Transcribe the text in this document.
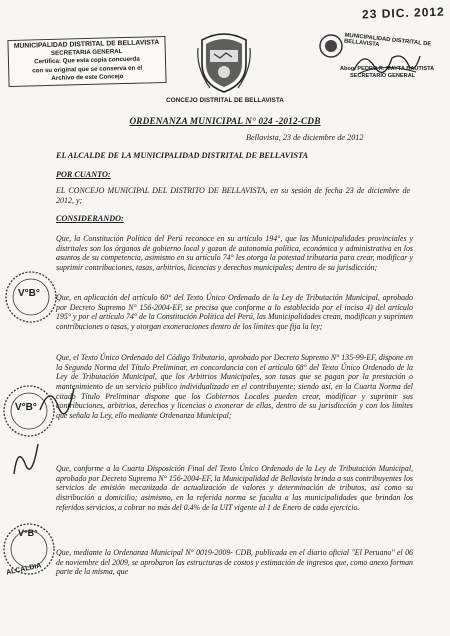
23 DIC. 2012
MUNICIPALIDAD DISTRITAL DE BELLAVISTA
SECRETARIA GENERAL
Certifica: Que esta copia concuerda
con su original que se conserva en el
Archivo de este Concejo
CONCEJO DISTRITAL DE BELLAVISTA
MUNICIPALIDAD DISTRITAL DE BELLAVISTA
Abog. PEDRO R. MAYTA BAUTISTA
SECRETARIO GENERAL
ORDENANZA MUNICIPAL N° 024 -2012-CDB
Bellavista, 23 de diciembre de 2012
EL ALCALDE DE LA MUNICIPALIDAD DISTRITAL DE BELLAVISTA
POR CUANTO:
EL CONCEJO MUNICIPAL DEL DISTRITO DE BELLAVISTA, en su sesión de fecha 23 de diciembre de 2012, y;
CONSIDERANDO:
Que, la Constitución Política del Perú reconoce en su artículo 194°, que las Municipalidades provinciales y distritales son los órganos de gobierno local y gozan de autonomía política, económica y administrativa en los asuntos de su competencia, asimismo en su artículo 74° les otorga la potestad tributaria para crear, modificar y suprimir contribuciones, tasas, arbitrios, licencias y derechos municipales; dentro de su jurisdicción;
Que, en aplicación del artículo 60° del Texto Único Ordenado de la Ley de Tributación Municipal, aprobado por Decreto Supremo N° 156-2004-EF, se precisa que conforme a lo establecido por el inciso 4) del artículo 195° y por el artículo 74° de la Constitución Política del Perú, las Municipalidades crean, modifican y suprimen contribuciones o tasas, y otorgan exoneraciones dentro de los límites que fija la ley;
Que, el Texto Único Ordenado del Código Tributario, aprobado por Decreto Supremo N° 135-99-EF, dispone en la Segunda Norma del Título Preliminar, en concordancia con el artículo 68° del Texto Único Ordenado de la Ley de Tributación Municipal, que los Arbitrios Municipales, son tasas que se pagan por la prestación o mantenimiento de un servicio público individualizado en el contribuyente; siendo así, en la Cuarta Norma del citado Título Preliminar dispone que los Gobiernos Locales pueden crear, modificar y suprimir sus contribuciones, arbitrios, derechos y licencias o exonerar de ellas, dentro de su jurisdicción y con los límites que señala la Ley, ello mediante Ordenanza Municipal;
Que, conforme a la Cuarta Disposición Final del Texto Único Ordenado de la Ley de Tributación Municipal, aprobado por Decreto Supremo N° 156-2004-EF, la Municipalidad de Bellavista brinda a sus contribuyentes los servicios de emisión mecanizada de actualización de valores y determinación de tributos, así como su distribución a domicilio; asimismo, en la referida norma se faculta a las municipalidades que brindan los referidos servicios, a cobrar no más del 0.4% de la UIT vigente al 1 de Enero de cada ejercicio.
Que, mediante la Ordenanza Municipal N° 0019-2009- CDB, publicada en el diario oficial "El Peruano" el 06 de noviembre del 2009, se aprobaron las estructuras de costos y estimación de ingresos que, como anexo forman parte de la misma, que
V°B°
V°B°
V°B°
ALCALDIA
